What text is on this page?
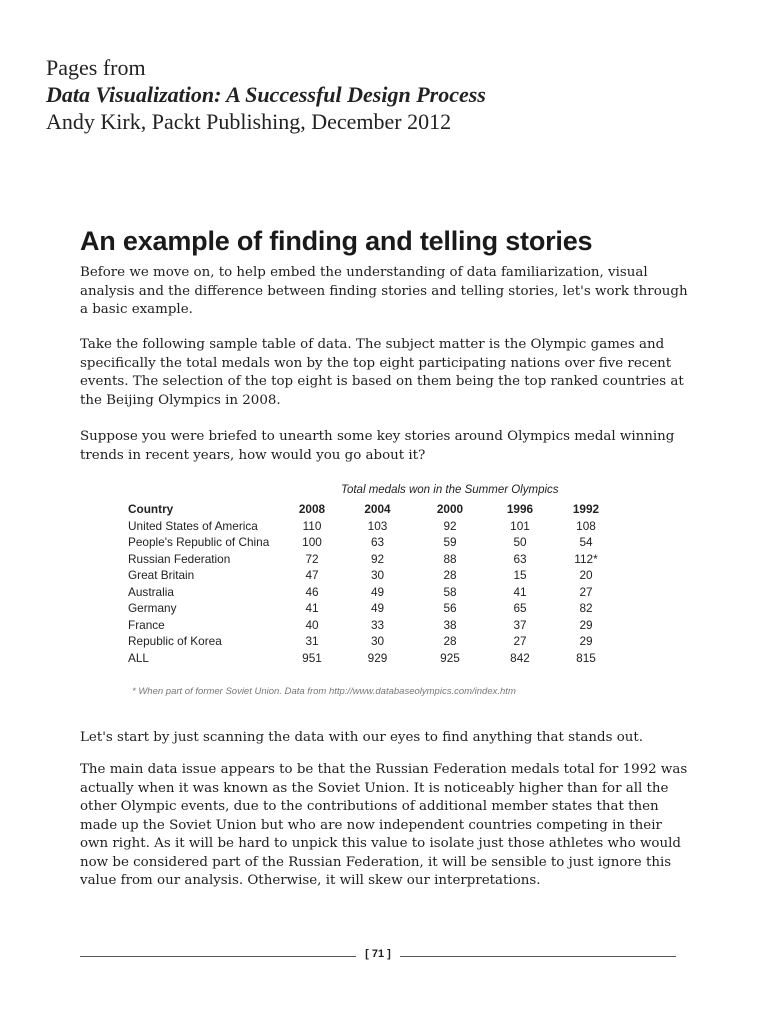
Pages from
Data Visualization: A Successful Design Process
Andy Kirk, Packt Publishing, December 2012
An example of finding and telling stories

Before we move on, to help embed the understanding of data familiarization, visual analysis and the difference between finding stories and telling stories, let's work through a basic example.

Take the following sample table of data. The subject matter is the Olympic games and specifically the total medals won by the top eight participating nations over five recent events. The selection of the top eight is based on them being the top ranked countries at the Beijing Olympics in 2008.

Suppose you were briefed to unearth some key stories around Olympics medal winning trends in recent years, how would you go about it?

Total medals won in the Summer Olympics
Country	2008	2004	2000	1996	1992
United States of America	110	103	92	101	108
People's Republic of China	100	63	59	50	54
Russian Federation	72	92	88	63	112*
Great Britain	47	30	28	15	20
Australia	46	49	58	41	27
Germany	41	49	56	65	82
France	40	33	38	37	29
Republic of Korea	31	30	28	27	29
ALL	951	929	925	842	815
* When part of former Soviet Union. Data from http://www.databaseolympics.com/index.htm

Let's start by just scanning the data with our eyes to find anything that stands out.

The main data issue appears to be that the Russian Federation medals total for 1992 was actually when it was known as the Soviet Union. It is noticeably higher than for all the other Olympic events, due to the contributions of additional member states that then made up the Soviet Union but who are now independent countries competing in their own right. As it will be hard to unpick this value to isolate just those athletes who would now be considered part of the Russian Federation, it will be sensible to just ignore this value from our analysis. Otherwise, it will skew our interpretations.

[ 71 ]
